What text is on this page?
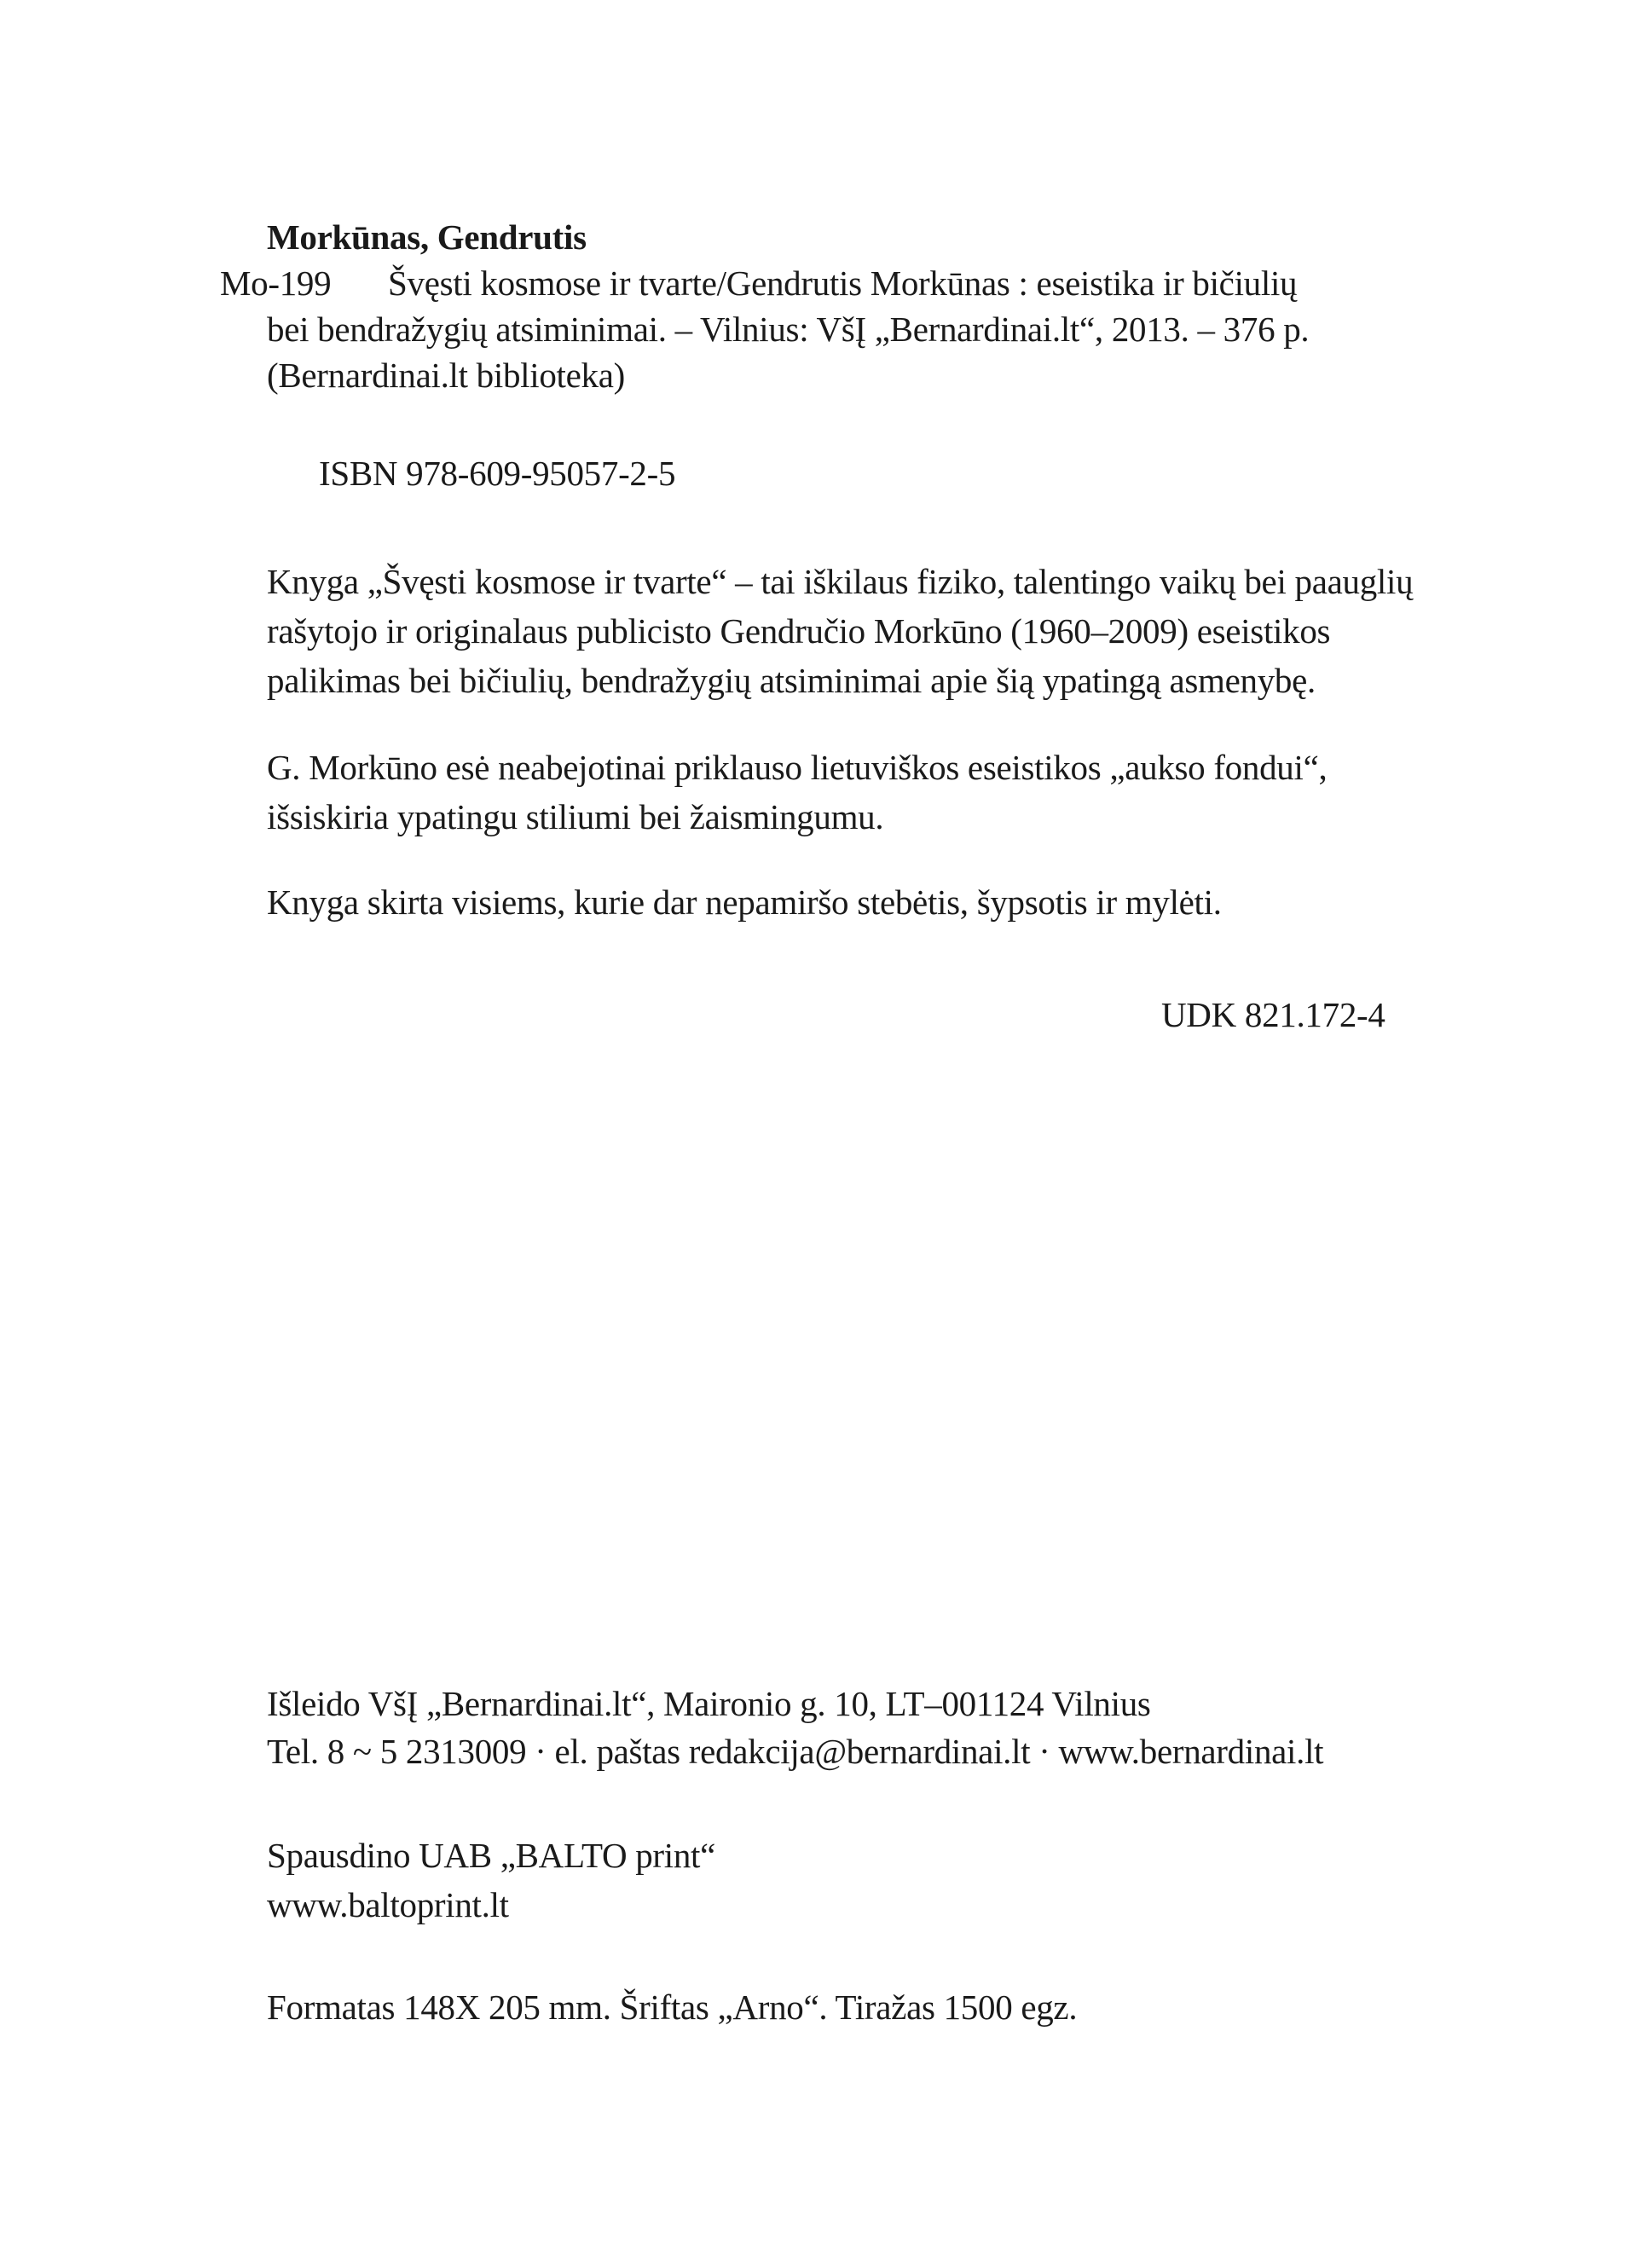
Morkūnas, Gendrutis
Mo-199 Švęsti kosmose ir tvarte/Gendrutis Morkūnas : eseistika ir bičiulių
bei bendražygių atsiminimai. – Vilnius: VšĮ „Bernardinai.lt“, 2013. – 376 p.
(Bernardinai.lt biblioteka)
ISBN 978-609-95057-2-5
Knyga „Švęsti kosmose ir tvarte“ – tai iškilaus fiziko, talentingo vaikų bei paauglių
rašytojo ir originalaus publicisto Gendručio Morkūno (1960–2009) eseistikos
palikimas bei bičiulių, bendražygių atsiminimai apie šią ypatingą asmenybę.
G. Morkūno esė neabejotinai priklauso lietuviškos eseistikos „aukso fondui“,
išsiskiria ypatingu stiliumi bei žaismingumu.
Knyga skirta visiems, kurie dar nepamiršo stebėtis, šypsotis ir mylėti.
UDK 821.172-4
Išleido VšĮ „Bernardinai.lt“, Maironio g. 10, LT–001124 Vilnius
Tel. 8 ~ 5 2313009 · el. paštas redakcija@bernardinai.lt · www.bernardinai.lt
Spausdino UAB „BALTO print“
www.baltoprint.lt
Formatas 148X 205 mm. Šriftas „Arno“. Tiražas 1500 egz.
